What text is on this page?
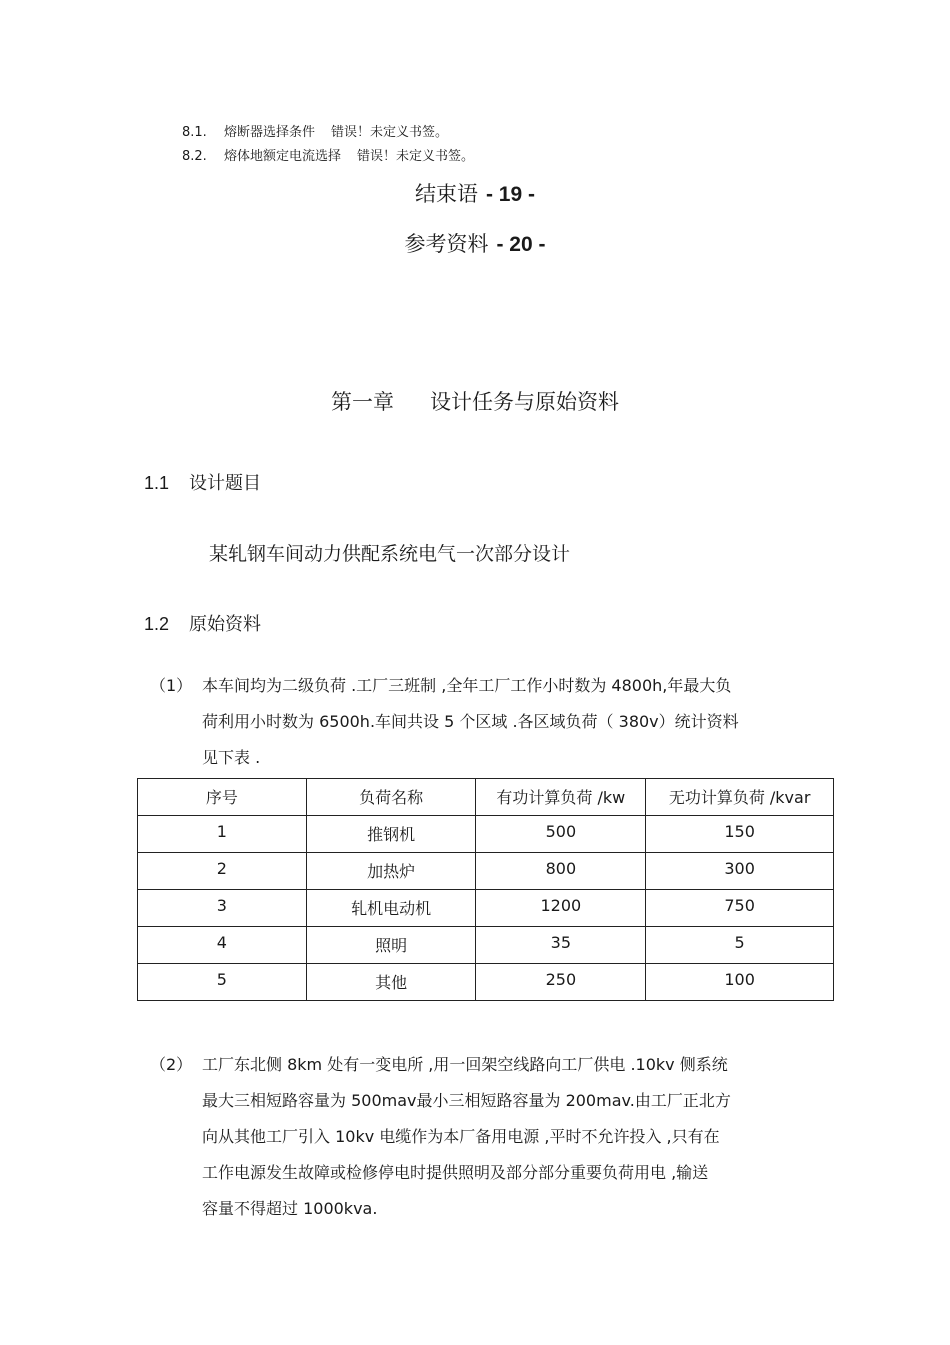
8.1. 熔断器选择条件 错误！未定义书签。
8.2. 熔体地额定电流选择 错误！未定义书签。
结束语 - 19 -
参考资料 - 20 -
第一章 设计任务与原始资料
1.1 设计题目
某轧钢车间动力供配系统电气一次部分设计
1.2 原始资料
（1） 本车间均为二级负荷 .工厂三班制 ,全年工厂工作小时数为 4800h,年最大负
荷利用小时数为 6500h.车间共设 5 个区域 .各区域负荷（ 380v）统计资料
见下表 .
序号	负荷名称	有功计算负荷 /kw	无功计算负荷 /kvar
1	推钢机	500	150
2	加热炉	800	300
3	轧机电动机	1200	750
4	照明	35	5
5	其他	250	100
（2） 工厂东北侧 8km 处有一变电所 ,用一回架空线路向工厂供电 .10kv 侧系统
最大三相短路容量为 500mav最小三相短路容量为 200mav.由工厂正北方
向从其他工厂引入 10kv 电缆作为本厂备用电源 ,平时不允许投入 ,只有在
工作电源发生故障或检修停电时提供照明及部分部分重要负荷用电 ,输送
容量不得超过 1000kva.
